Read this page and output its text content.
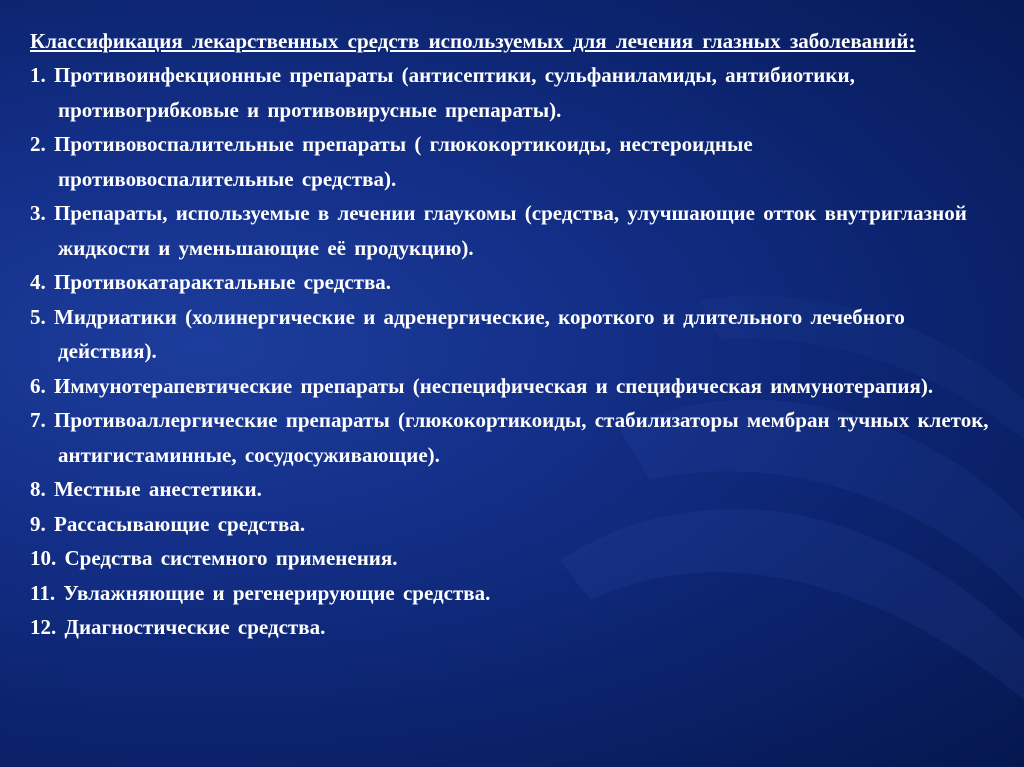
Классификация лекарственных средств используемых для лечения глазных заболеваний:

1. Противоинфекционные препараты (антисептики, сульфаниламиды, антибиотики, противогрибковые и противовирусные препараты).
2. Противовоспалительные препараты ( глюкокортикоиды, нестероидные противовоспалительные средства).
3. Препараты, используемые в лечении глаукомы (средства, улучшающие отток внутриглазной жидкости и уменьшающие её продукцию).
4. Противокатарактальные средства.
5. Мидриатики (холинергические и адренергические, короткого и длительного лечебного действия).
6. Иммунотерапевтические препараты (неспецифическая и специфическая иммунотерапия).
7. Противоаллергические препараты (глюкокортикоиды, стабилизаторы мембран тучных клеток, антигистаминные, сосудосуживающие).
8. Местные анестетики.
9. Рассасывающие средства.
10. Средства системного применения.
11. Увлажняющие и регенерирующие средства.
12. Диагностические средства.
